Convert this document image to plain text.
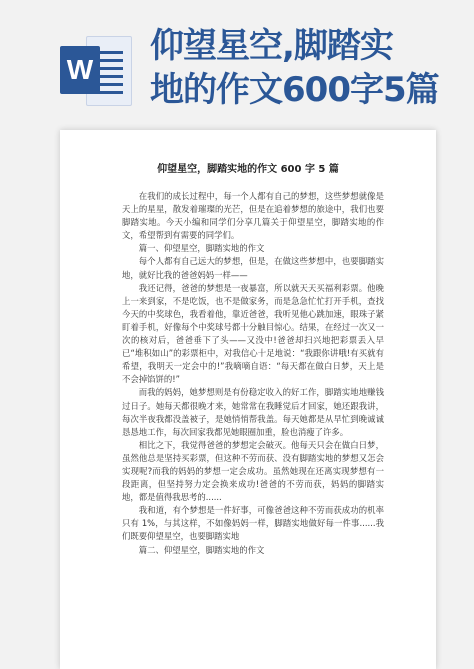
W
仰望星空,脚踏实
地的作文600字5篇
仰望星空，脚踏实地的作文 600 字 5 篇

在我们的成长过程中，每一个人都有自己的梦想，这些梦想就像是天上的星星，散发着璀璨的光芒，但是在追着梦想的旅途中，我们也要脚踏实地。今天小编和同学们分享几篇关于仰望星空，脚踏实地的作文，希望帮到有需要的同学们。

篇一、仰望星空，脚踏实地的作文

每个人都有自己远大的梦想，但是，在做这些梦想中，也要脚踏实地，就好比我的爸爸妈妈一样——

我还记得，爸爸的梦想是一夜暴富，所以就天天买福利彩票。他晚上一来到家，不是吃饭，也不是做家务，而是急急忙忙打开手机，查找今天的中奖球色，我看着他，靠近爸爸，我听见他心跳加速，眼珠子紧盯着手机，好像每个中奖球号都十分触目惊心。结果，在经过一次又一次的核对后，爸爸垂下了头——又没中!爸爸却扫兴地把彩票丢入早已“堆积如山”的彩票柜中，对我信心十足地说：“我跟你讲哦!有买就有希望，我明天一定会中的!”我嘀嘀自语：“每天都在做白日梦，天上是不会掉馅饼的!”

而我的妈妈，她梦想则是有份稳定收入的好工作，脚踏实地地赚钱过日子。她每天都很晚才来，她常常在我睡觉后才回家，她还跟我讲，每次半夜我都没盖被子，是她悄悄帮我盖。每天她都是从早忙到晚诚诚恳恳地工作，每次回家我都见她眼圈加重，脸也消瘦了许多。

相比之下，我觉得爸爸的梦想定会破灭。他每天只会在做白日梦，虽然他总是坚持买彩票，但这种不劳而获、没有脚踏实地的梦想又怎会实现呢?而我的妈妈的梦想一定会成功。虽然她现在还离实现梦想有一段距离，但坚持努力定会换来成功!爸爸的不劳而获，妈妈的脚踏实地，都是值得我思考的......

我和道，有个梦想是一件好事，可像爸爸这种不劳而获成功的机率只有 1%，与其这样，不如像妈妈一样，脚踏实地做好每一件事......我们既要仰望星空，也要脚踏实地

篇二、仰望星空，脚踏实地的作文
